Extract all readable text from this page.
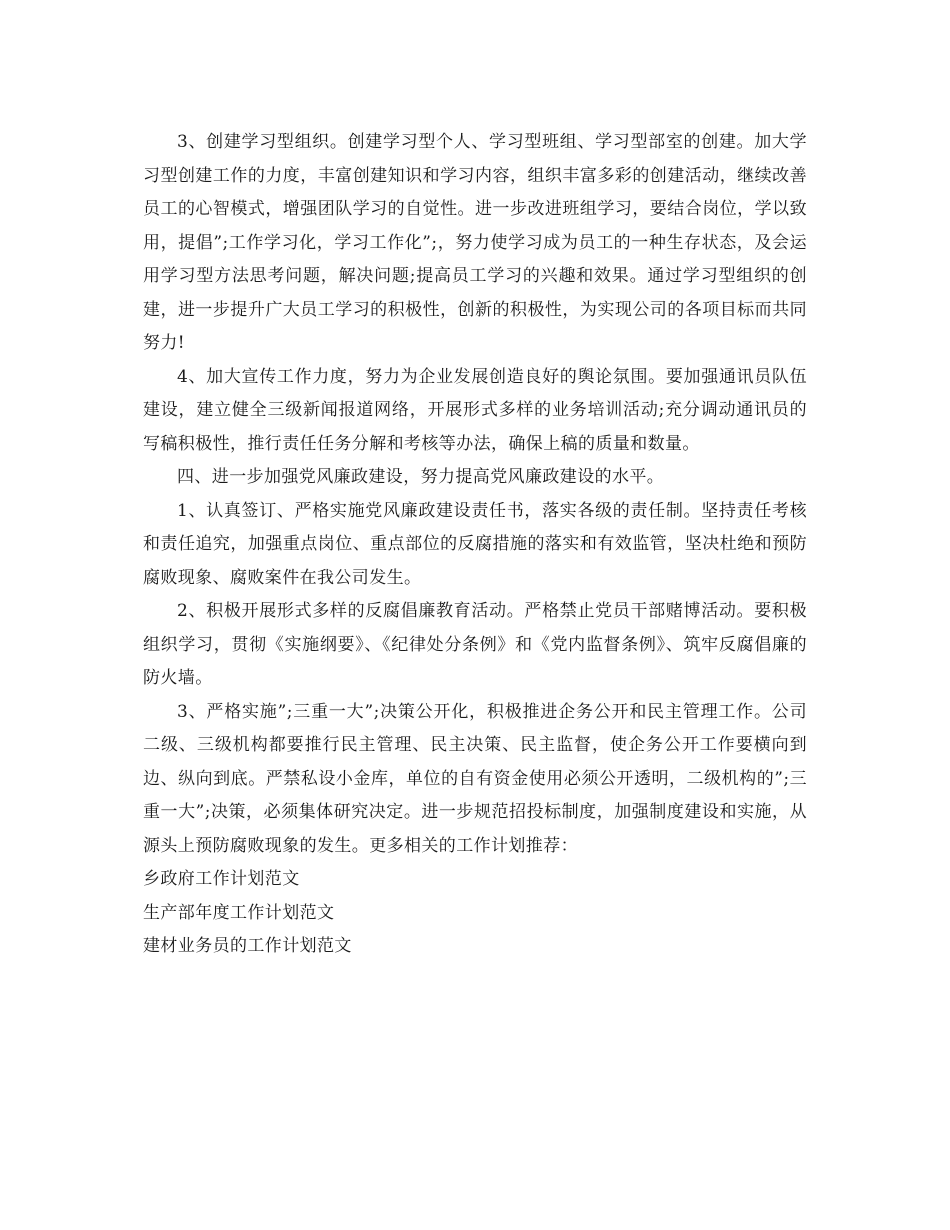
3、创建学习型组织。创建学习型个人、学习型班组、学习型部室的创建。加大学习型创建工作的力度，丰富创建知识和学习内容，组织丰富多彩的创建活动，继续改善员工的心智模式，增强团队学习的自觉性。进一步改进班组学习，要结合岗位，学以致用，提倡”;工作学习化，学习工作化”;，努力使学习成为员工的一种生存状态，及会运用学习型方法思考问题，解决问题;提高员工学习的兴趣和效果。通过学习型组织的创建，进一步提升广大员工学习的积极性，创新的积极性，为实现公司的各项目标而共同努力!

4、加大宣传工作力度，努力为企业发展创造良好的舆论氛围。要加强通讯员队伍建设，建立健全三级新闻报道网络，开展形式多样的业务培训活动;充分调动通讯员的写稿积极性，推行责任任务分解和考核等办法，确保上稿的质量和数量。

四、进一步加强党风廉政建设，努力提高党风廉政建设的水平。

1、认真签订、严格实施党风廉政建设责任书，落实各级的责任制。坚持责任考核和责任追究，加强重点岗位、重点部位的反腐措施的落实和有效监管，坚决杜绝和预防腐败现象、腐败案件在我公司发生。

2、积极开展形式多样的反腐倡廉教育活动。严格禁止党员干部赌博活动。要积极组织学习，贯彻《实施纲要》、《纪律处分条例》和《党内监督条例》、筑牢反腐倡廉的防火墙。

3、严格实施”;三重一大”;决策公开化，积极推进企务公开和民主管理工作。公司二级、三级机构都要推行民主管理、民主决策、民主监督，使企务公开工作要横向到边、纵向到底。严禁私设小金库，单位的自有资金使用必须公开透明，二级机构的”;三重一大”;决策，必须集体研究决定。进一步规范招投标制度，加强制度建设和实施，从源头上预防腐败现象的发生。更多相关的工作计划推荐：

乡政府工作计划范文

生产部年度工作计划范文

建材业务员的工作计划范文
